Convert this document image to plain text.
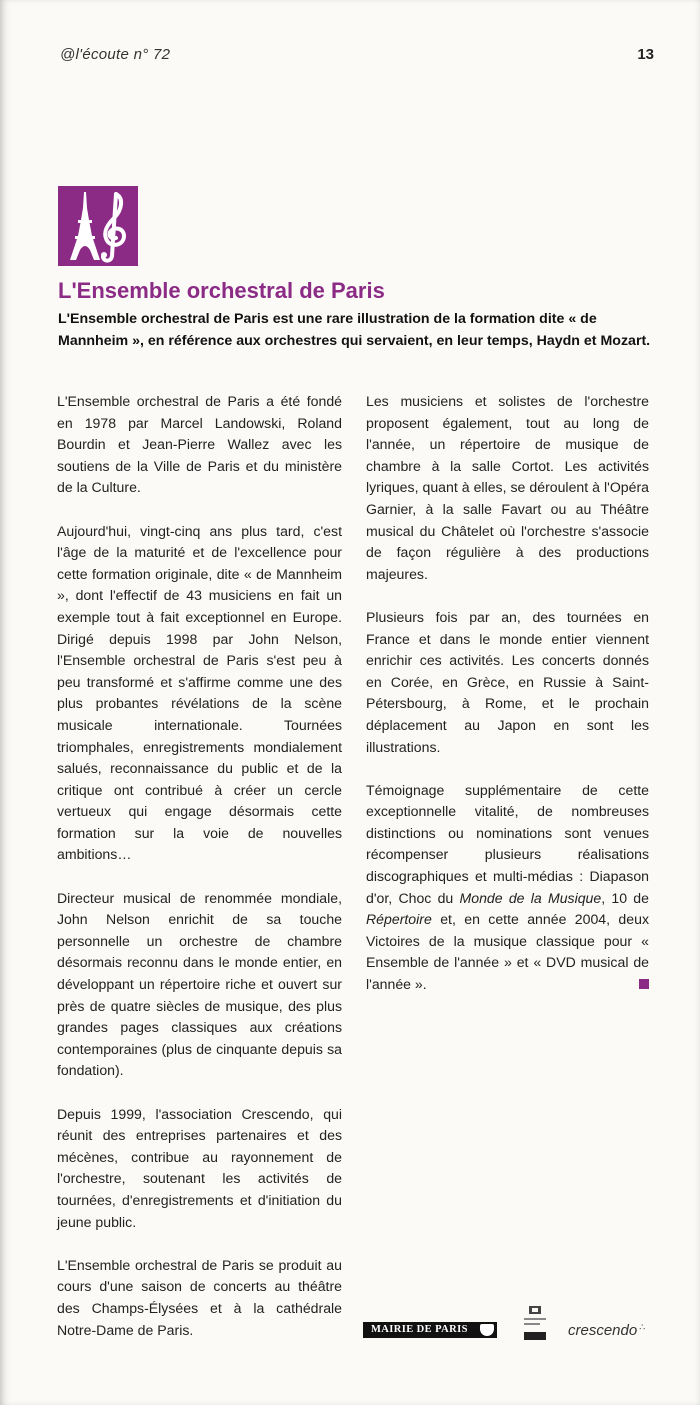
@l'écoute n° 72	13
L'Ensemble orchestral de Paris

L'Ensemble orchestral de Paris est une rare illustration de la formation dite « de Mannheim », en référence aux orchestres qui servaient, en leur temps, Haydn et Mozart.

L'Ensemble orchestral de Paris a été fondé en 1978 par Marcel Landowski, Roland Bourdin et Jean-Pierre Wallez avec les soutiens de la Ville de Paris et du ministère de la Culture.

Aujourd'hui, vingt-cinq ans plus tard, c'est l'âge de la maturité et de l'excellence pour cette formation originale, dite « de Mannheim », dont l'effectif de 43 musiciens en fait un exemple tout à fait exceptionnel en Europe. Dirigé depuis 1998 par John Nelson, l'Ensemble orchestral de Paris s'est peu à peu transformé et s'affirme comme une des plus probantes révélations de la scène musicale internationale. Tournées triomphales, enregistrements mondialement salués, reconnaissance du public et de la critique ont contribué à créer un cercle vertueux qui engage désormais cette formation sur la voie de nouvelles ambitions…

Directeur musical de renommée mondiale, John Nelson enrichit de sa touche personnelle un orchestre de chambre désormais reconnu dans le monde entier, en développant un répertoire riche et ouvert sur près de quatre siècles de musique, des plus grandes pages classiques aux créations contemporaines (plus de cinquante depuis sa fondation).

Depuis 1999, l'association Crescendo, qui réunit des entreprises partenaires et des mécènes, contribue au rayonnement de l'orchestre, soutenant les activités de tournées, d'enregistrements et d'initiation du jeune public.

L'Ensemble orchestral de Paris se produit au cours d'une saison de concerts au théâtre des Champs-Élysées et à la cathédrale Notre-Dame de Paris.

Les musiciens et solistes de l'orchestre proposent également, tout au long de l'année, un répertoire de musique de chambre à la salle Cortot. Les activités lyriques, quant à elles, se déroulent à l'Opéra Garnier, à la salle Favart ou au Théâtre musical du Châtelet où l'orchestre s'associe de façon régulière à des productions majeures.

Plusieurs fois par an, des tournées en France et dans le monde entier viennent enrichir ces activités. Les concerts donnés en Corée, en Grèce, en Russie à Saint-Pétersbourg, à Rome, et le prochain déplacement au Japon en sont les illustrations.

Témoignage supplémentaire de cette exceptionnelle vitalité, de nombreuses distinctions ou nominations sont venues récompenser plusieurs réalisations discographiques et multi-médias : Diapason d'or, Choc du Monde de la Musique, 10 de Répertoire et, en cette année 2004, deux Victoires de la musique classique pour « Ensemble de l'année » et « DVD musical de l'année ».

MAIRIE DE PARIS	crescendo ∴
